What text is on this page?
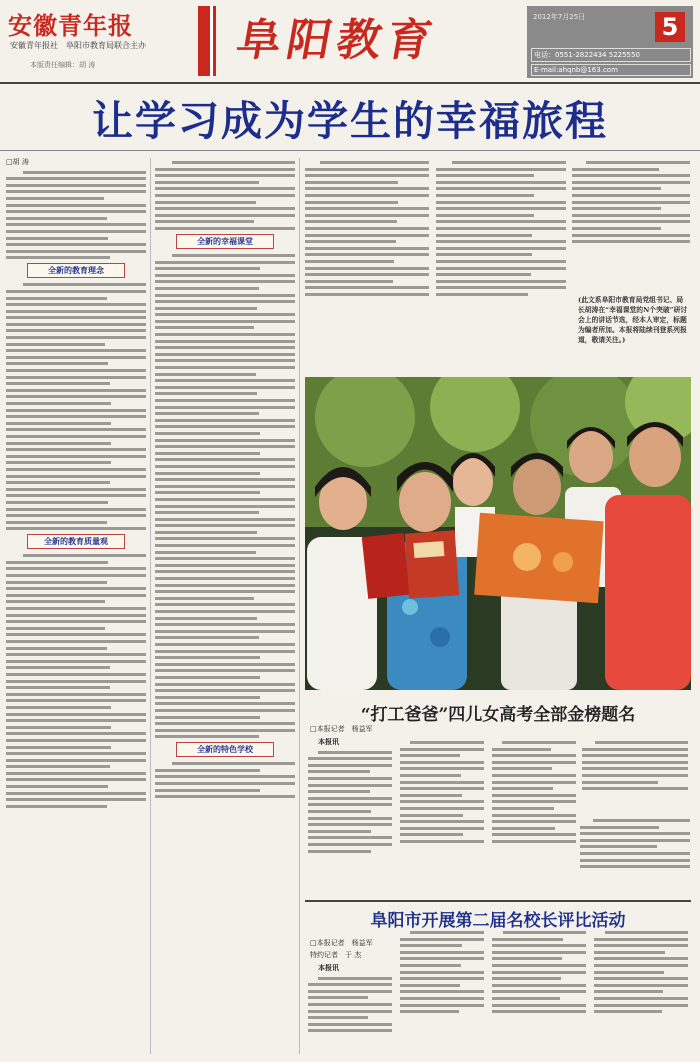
安徽青年报
安徽青年报社　阜阳市教育局联合主办
本版责任编辑：胡 涛	阜阳教育	2012年7月25日	5
电话：0551-2822434 5225550
E-mail:ahqnb@163.com
让学习成为学生的幸福旅程
□胡 涛
全新的教育理念
全新的教育质量观
全新的幸福课堂
全新的特色学校
(此文系阜阳市教育局党组书记、局长胡涛在“幸福课堂的N个突破”研讨会上的讲话节选，经本人审定，标题为编者所加。本报将陆续刊登系列报道，敬请关注。)
“打工爸爸”四儿女高考全部金榜题名
□本报记者　杨益军
本报讯
阜阳市开展第二届名校长评比活动
□本报记者　杨益军
特约记者　于 杰
本报讯
